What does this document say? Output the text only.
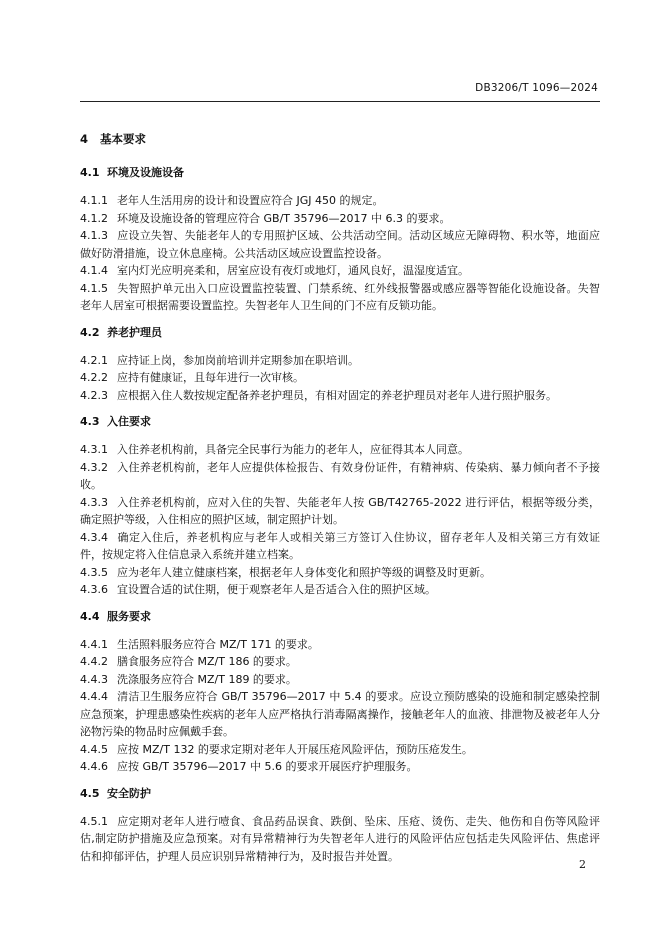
DB3206/T 1096—2024
4 基本要求
4.1 环境及设施设备
4.1.1 老年人生活用房的设计和设置应符合 JGJ 450 的规定。
4.1.2 环境及设施设备的管理应符合 GB/T 35796—2017 中 6.3 的要求。
4.1.3 应设立失智、失能老年人的专用照护区域、公共活动空间。活动区域应无障碍物、积水等，地面应做好防滑措施，设立休息座椅。公共活动区域应设置监控设备。
4.1.4 室内灯光应明亮柔和，居室应设有夜灯或地灯，通风良好，温湿度适宜。
4.1.5 失智照护单元出入口应设置监控装置、门禁系统、红外线报警器或感应器等智能化设施设备。失智老年人居室可根据需要设置监控。失智老年人卫生间的门不应有反锁功能。
4.2 养老护理员
4.2.1 应持证上岗，参加岗前培训并定期参加在职培训。
4.2.2 应持有健康证，且每年进行一次审核。
4.2.3 应根据入住人数按规定配备养老护理员，有相对固定的养老护理员对老年人进行照护服务。
4.3 入住要求
4.3.1 入住养老机构前，具备完全民事行为能力的老年人，应征得其本人同意。
4.3.2 入住养老机构前，老年人应提供体检报告、有效身份证件，有精神病、传染病、暴力倾向者不予接收。
4.3.3 入住养老机构前，应对入住的失智、失能老年人按 GB/T42765-2022 进行评估，根据等级分类，确定照护等级，入住相应的照护区域，制定照护计划。
4.3.4 确定入住后，养老机构应与老年人或相关第三方签订入住协议，留存老年人及相关第三方有效证件，按规定将入住信息录入系统并建立档案。
4.3.5 应为老年人建立健康档案，根据老年人身体变化和照护等级的调整及时更新。
4.3.6 宜设置合适的试住期，便于观察老年人是否适合入住的照护区域。
4.4 服务要求
4.4.1 生活照料服务应符合 MZ/T 171 的要求。
4.4.2 膳食服务应符合 MZ/T 186 的要求。
4.4.3 洗涤服务应符合 MZ/T 189 的要求。
4.4.4 清洁卫生服务应符合 GB/T 35796—2017 中 5.4 的要求。应设立预防感染的设施和制定感染控制应急预案，护理患感染性疾病的老年人应严格执行消毒隔离操作，接触老年人的血液、排泄物及被老年人分泌物污染的物品时应佩戴手套。
4.4.5 应按 MZ/T 132 的要求定期对老年人开展压疮风险评估，预防压疮发生。
4.4.6 应按 GB/T 35796—2017 中 5.6 的要求开展医疗护理服务。
4.5 安全防护
4.5.1 应定期对老年人进行噎食、食品药品误食、跌倒、坠床、压疮、烫伤、走失、他伤和自伤等风险评估,制定防护措施及应急预案。对有异常精神行为失智老年人进行的风险评估应包括走失风险评估、焦虑评估和抑郁评估，护理人员应识别异常精神行为，及时报告并处置。
2
